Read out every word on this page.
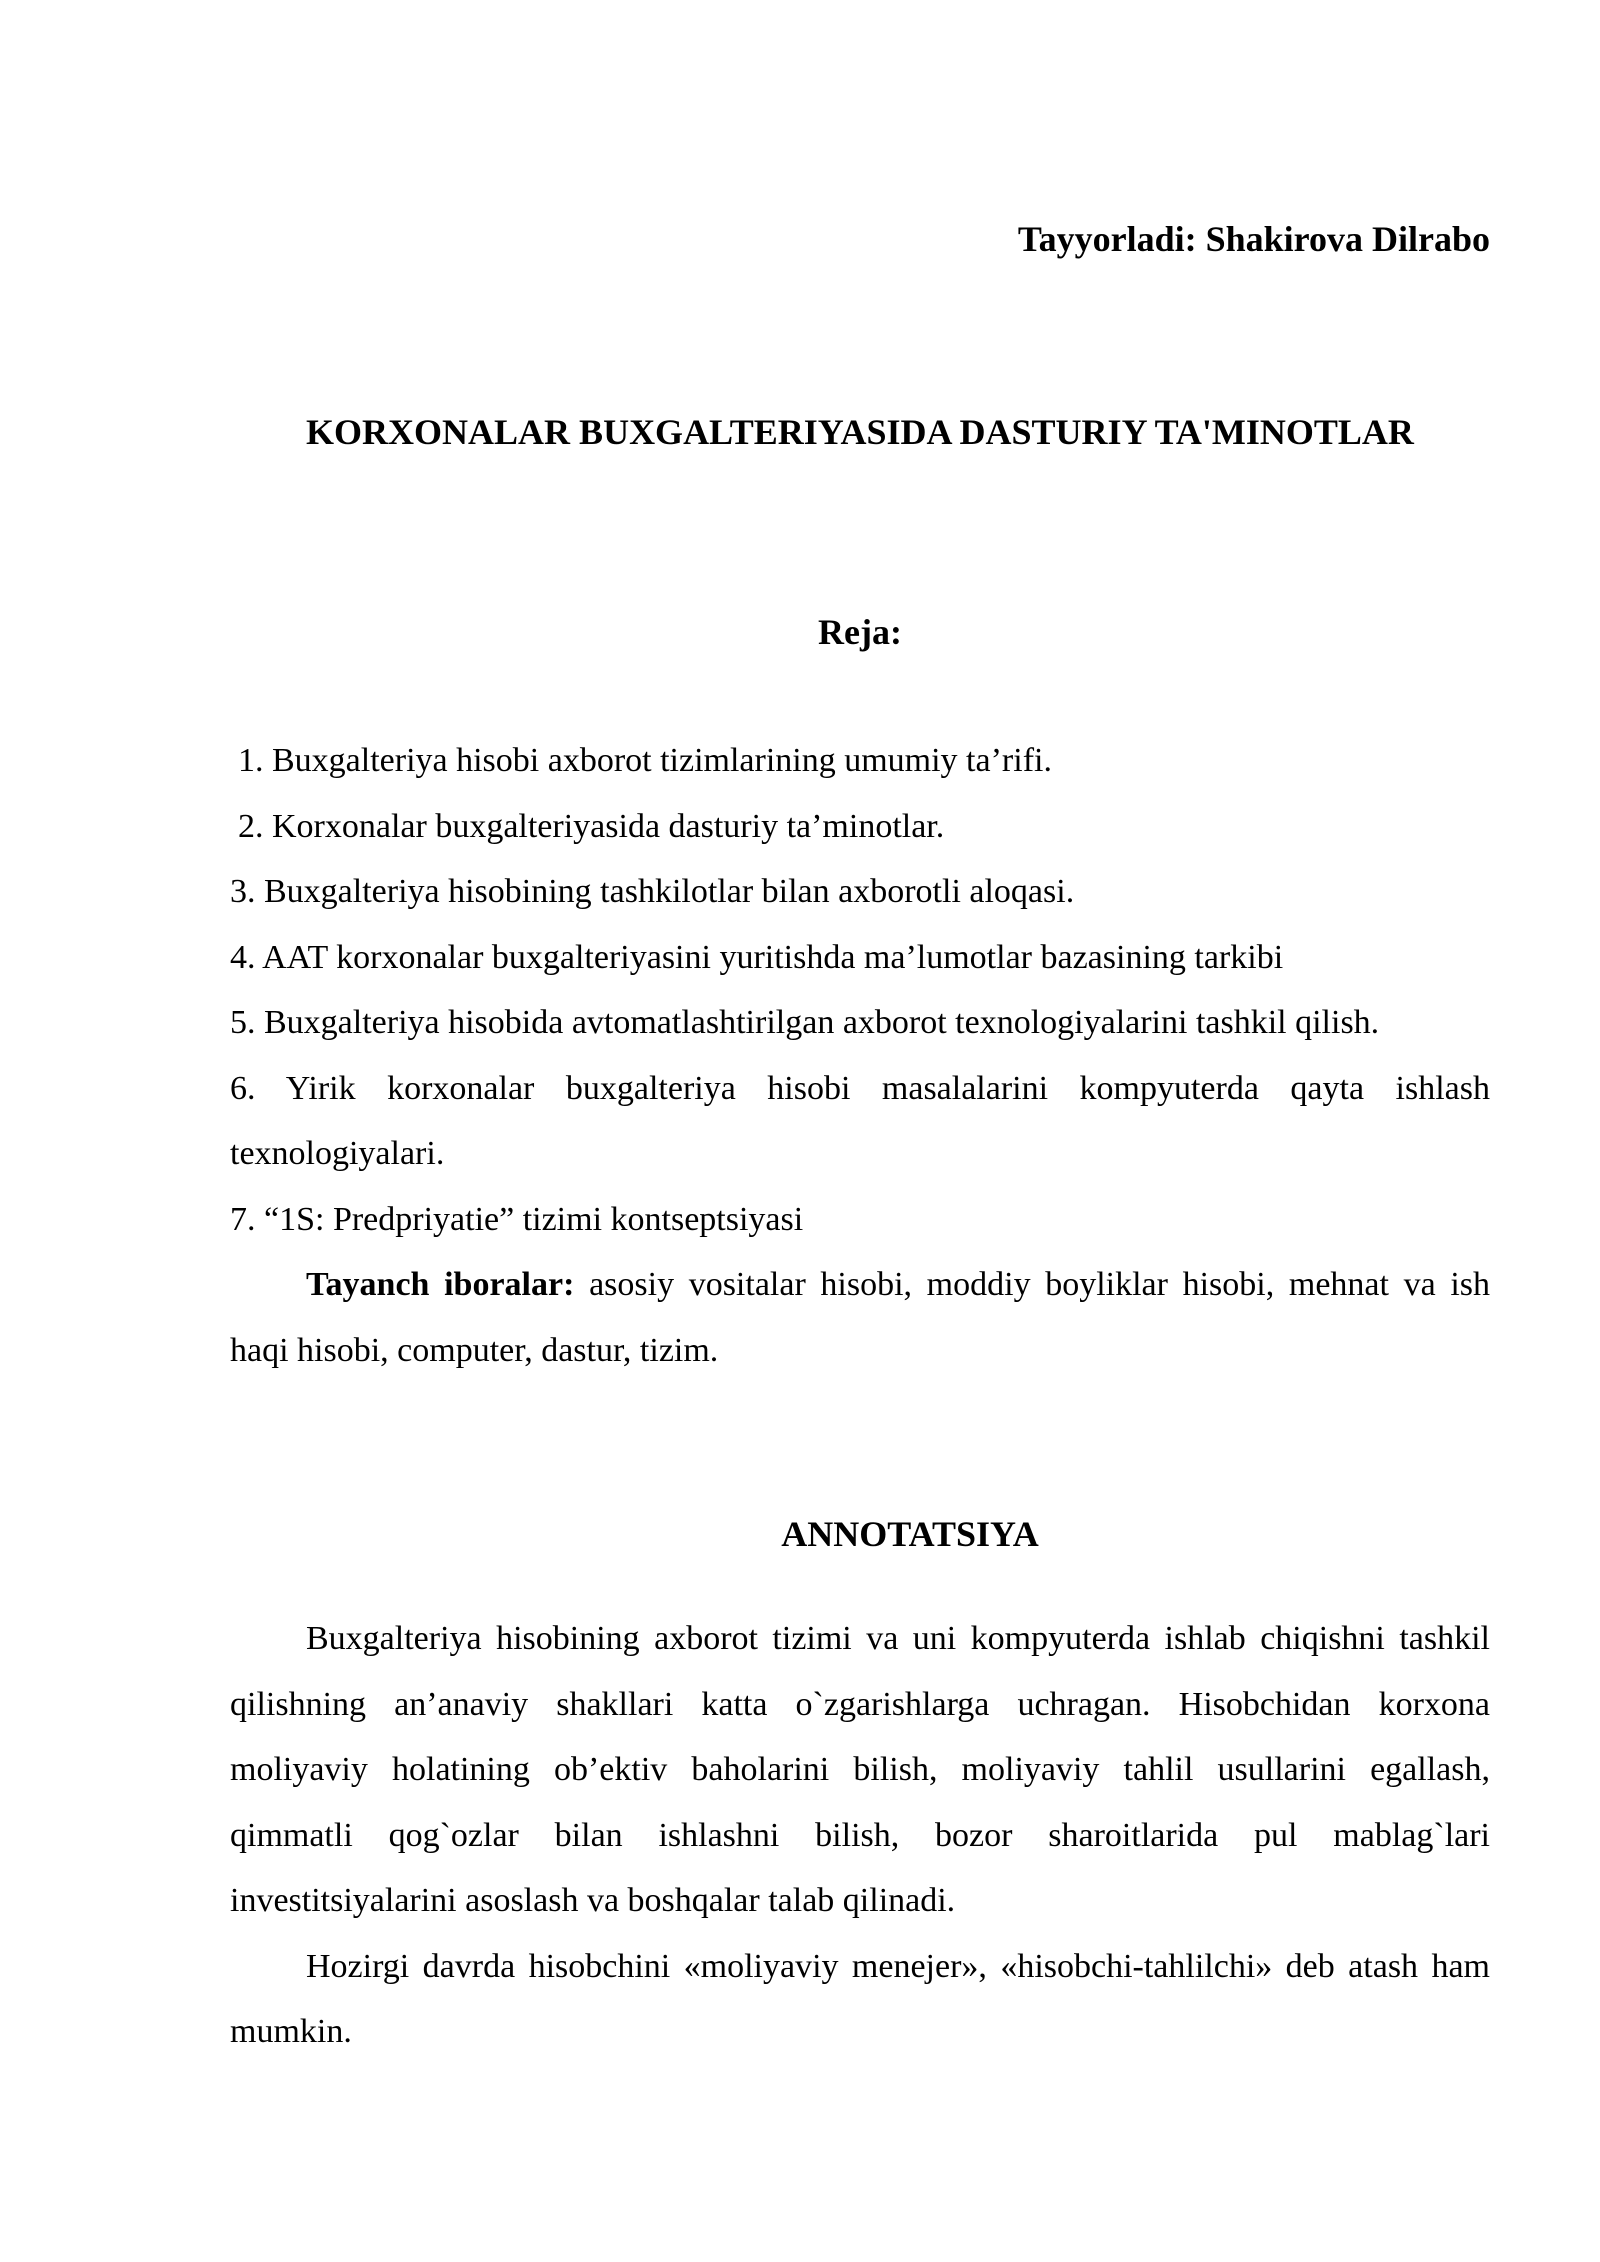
Tayyorladi: Shakirova Dilrabo
KORXONALAR BUXGALTERIYASIDA DASTURIY TA'MINOTLAR
Reja:
1. Buxgalteriya hisobi axborot tizimlarining umumiy ta’rifi.
2. Korxonalar buxgalteriyasida dasturiy ta’minotlar.
3. Buxgalteriya hisobining tashkilotlar bilan axborotli aloqasi.
4. AAT korxonalar buxgalteriyasini yuritishda ma’lumotlar bazasining tarkibi
5. Buxgalteriya hisobida avtomatlashtirilgan axborot texnologiyalarini tashkil qilish.
6. Yirik korxonalar buxgalteriya hisobi masalalarini kompyuterda qayta ishlash texnologiyalari.
7. “1S: Predpriyatie” tizimi kontseptsiyasi

Tayanch iboralar: asosiy vositalar hisobi, moddiy boyliklar hisobi, mehnat va ish haqi hisobi, computer, dastur, tizim.

ANNOTATSIYA

Buxgalteriya hisobining axborot tizimi va uni kompyuterda ishlab chiqishni tashkil qilishning an’anaviy shakllari katta o`zgarishlarga uchragan. Hisobchidan korxona moliyaviy holatining ob’ektiv baholarini bilish, moliyaviy tahlil usullarini egallash, qimmatli qog`ozlar bilan ishlashni bilish, bozor sharoitlarida pul mablag`lari investitsiyalarini asoslash va boshqalar talab qilinadi.

Hozirgi davrda hisobchini «moliyaviy menejer», «hisobchi-tahlilchi» deb atash ham mumkin.
